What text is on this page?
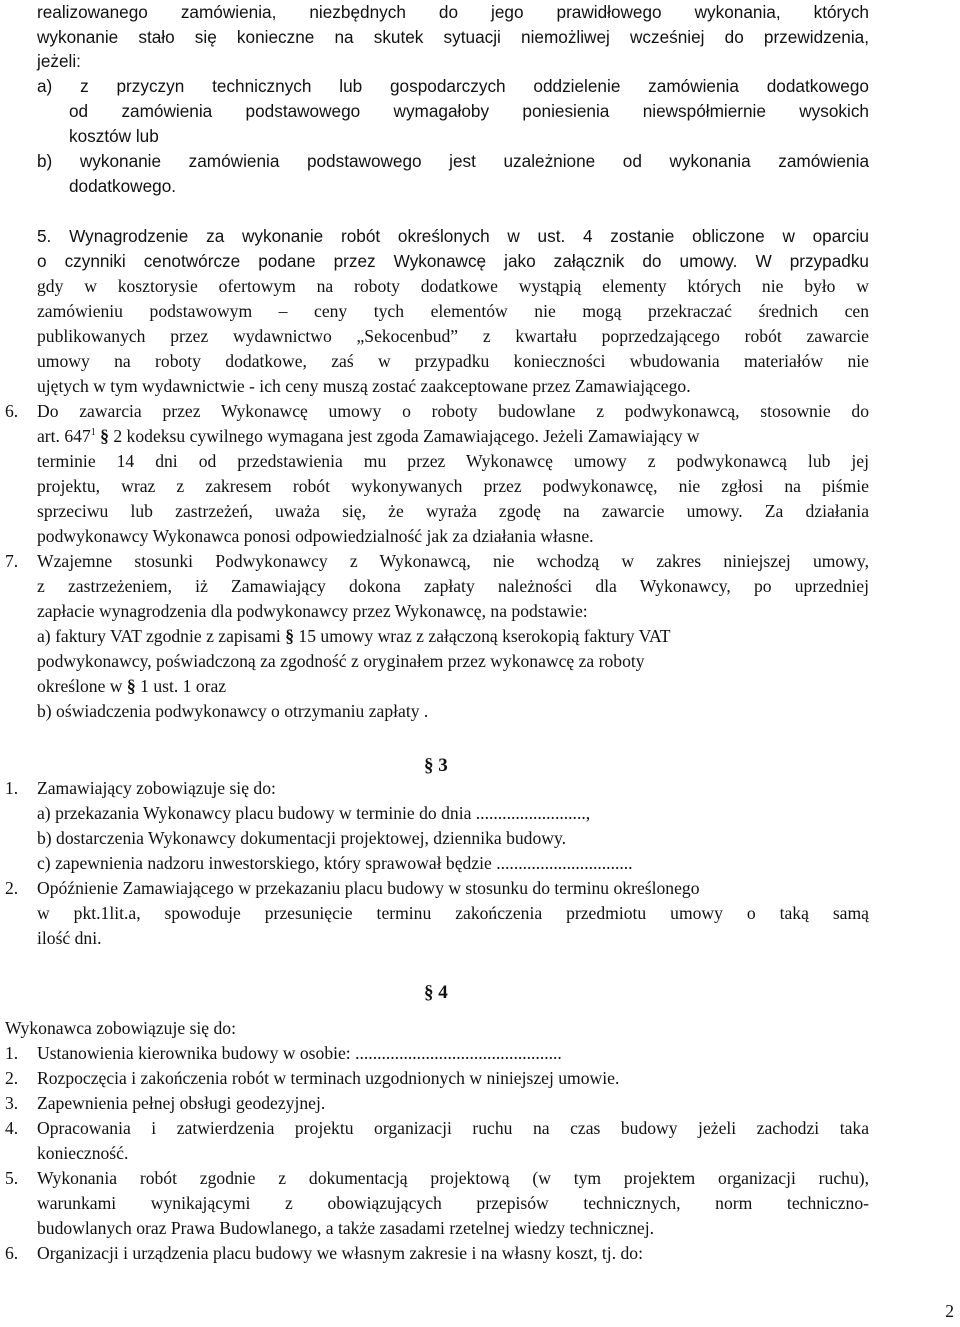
realizowanego zamówienia, niezbędnych do jego prawidłowego wykonania, których

wykonanie stało się konieczne na skutek sytuacji niemożliwej wcześniej do przewidzenia,

jeżeli:

a) z przyczyn technicznych lub gospodarczych oddzielenie zamówienia dodatkowego

od zamówienia podstawowego wymagałoby poniesienia niewspółmiernie wysokich

kosztów lub

b) wykonanie zamówienia podstawowego jest uzależnione od wykonania zamówienia

dodatkowego.

5. Wynagrodzenie za wykonanie robót określonych w ust. 4 zostanie obliczone w oparciu

o czynniki cenotwórcze podane przez Wykonawcę jako załącznik do umowy. W przypadku

gdy w kosztorysie ofertowym na roboty dodatkowe wystąpią elementy których nie było w

zamówieniu podstawowym – ceny tych elementów nie mogą przekraczać średnich cen

publikowanych przez wydawnictwo „Sekocenbud” z kwartału poprzedzającego robót zawarcie

umowy na roboty dodatkowe, zaś w przypadku konieczności wbudowania materiałów nie

ujętych w tym wydawnictwie - ich ceny muszą zostać zaakceptowane przez Zamawiającego.

6. Do zawarcia przez Wykonawcę umowy o roboty budowlane z podwykonawcą, stosownie do

art. $647^1$ § 2 kodeksu cywilnego wymagana jest zgoda Zamawiającego. Jeżeli Zamawiający w

terminie 14 dni od przedstawienia mu przez Wykonawcę umowy z podwykonawcą lub jej

projektu, wraz z zakresem robót wykonywanych przez podwykonawcę, nie zgłosi na piśmie

sprzeciwu lub zastrzeżeń, uważa się, że wyraża zgodę na zawarcie umowy. Za działania

podwykonawcy Wykonawca ponosi odpowiedzialność jak za działania własne.

7. Wzajemne stosunki Podwykonawcy z Wykonawcą, nie wchodzą w zakres niniejszej umowy,

z zastrzeżeniem, iż Zamawiający dokona zapłaty należności dla Wykonawcy, po uprzedniej

zapłacie wynagrodzenia dla podwykonawcy przez Wykonawcę, na podstawie:

a) faktury VAT zgodnie z zapisami § 15 umowy wraz z załączoną kserokopią faktury VAT

podwykonawcy, poświadczoną za zgodność z oryginałem przez wykonawcę za roboty

określone w § 1 ust. 1 oraz

b) oświadczenia podwykonawcy o otrzymaniu zapłaty .

§ 3

1. Zamawiający zobowiązuje się do:

a) przekazania Wykonawcy placu budowy w terminie do dnia .........................,

b) dostarczenia Wykonawcy dokumentacji projektowej, dziennika budowy.

c) zapewnienia nadzoru inwestorskiego, który sprawował będzie ...............................

2. Opóźnienie Zamawiającego w przekazaniu placu budowy w stosunku do terminu określonego

w pkt.1lit.a, spowoduje przesunięcie terminu zakończenia przedmiotu umowy o taką samą

ilość dni.

§ 4

Wykonawca zobowiązuje się do:

1. Ustanowienia kierownika budowy w osobie: ...............................................

2. Rozpoczęcia i zakończenia robót w terminach uzgodnionych w niniejszej umowie.

3. Zapewnienia pełnej obsługi geodezyjnej.

4. Opracowania i zatwierdzenia projektu organizacji ruchu na czas budowy jeżeli zachodzi taka

konieczność.

5. Wykonania robót zgodnie z dokumentacją projektową (w tym projektem organizacji ruchu),

warunkami wynikającymi z obowiązujących przepisów technicznych, norm techniczno-

budowlanych oraz Prawa Budowlanego, a także zasadami rzetelnej wiedzy technicznej.

6. Organizacji i urządzenia placu budowy we własnym zakresie i na własny koszt, tj. do:

2
